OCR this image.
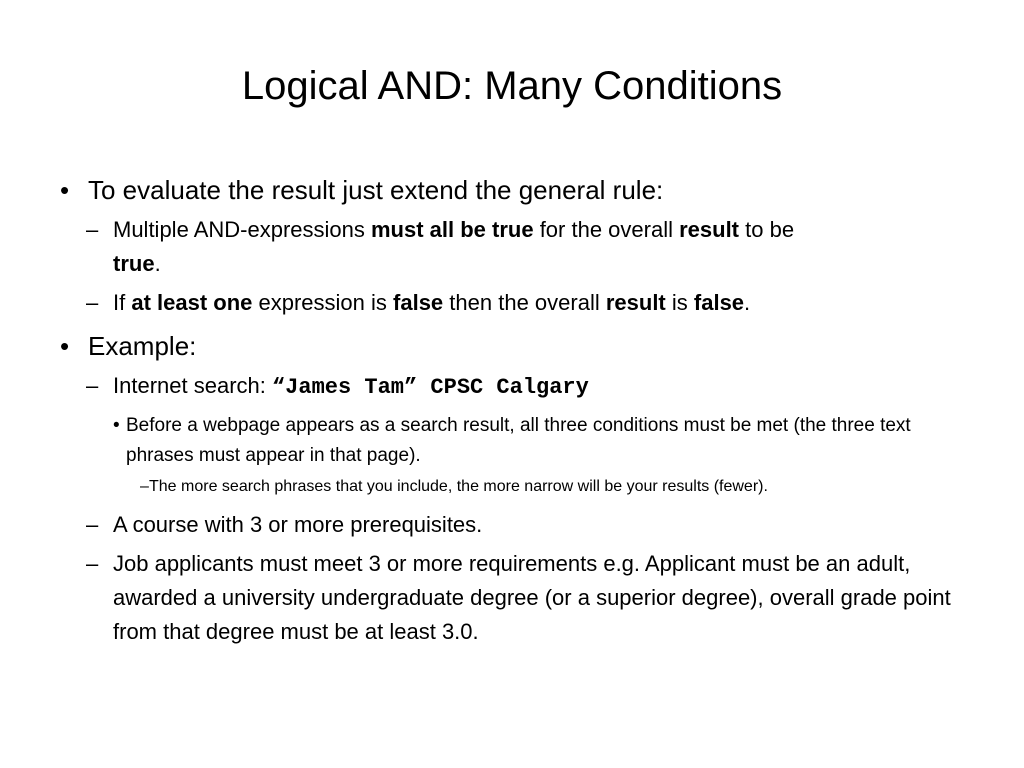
Logical AND: Many Conditions
• To evaluate the result just extend the general rule:
– Multiple AND-expressions must all be true for the overall result to be
true.
– If at least one expression is false then the overall result is false.
• Example:
– Internet search: “James Tam” CPSC Calgary
• Before a webpage appears as a search result, all three conditions must be met (the three text phrases must appear in that page).
– The more search phrases that you include, the more narrow will be your results (fewer).
– A course with 3 or more prerequisites.
– Job applicants must meet 3 or more requirements e.g. Applicant must be an adult, awarded a university undergraduate degree (or a superior degree), overall grade point from that degree must be at least 3.0.
